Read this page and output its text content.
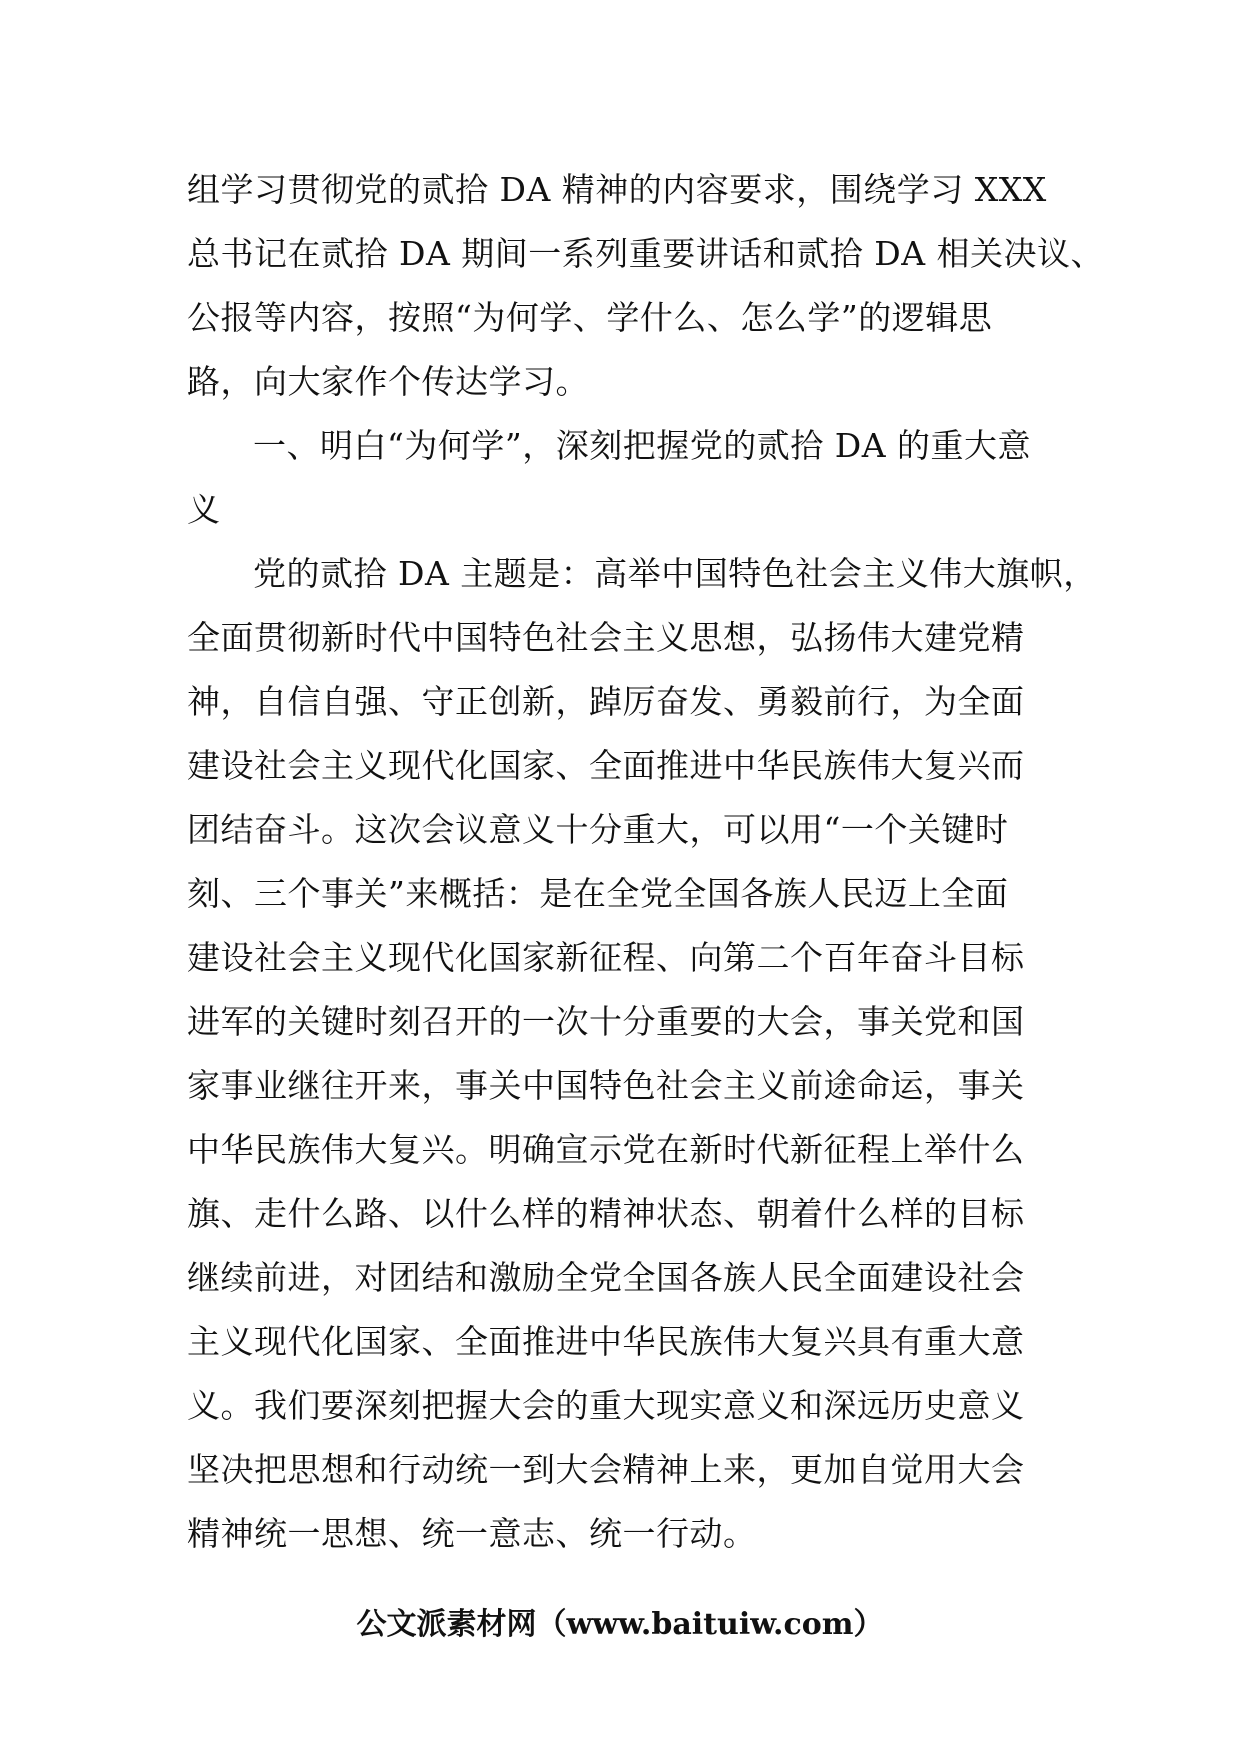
组学习贯彻党的贰拾 DA 精神的内容要求，围绕学习 XXX
总书记在贰拾 DA 期间一系列重要讲话和贰拾 DA 相关决议、
公报等内容，按照“为何学、学什么、怎么学”的逻辑思
路，向大家作个传达学习。
一、明白“为何学”，深刻把握党的贰拾 DA 的重大意
义
党的贰拾 DA 主题是：高举中国特色社会主义伟大旗帜，
全面贯彻新时代中国特色社会主义思想，弘扬伟大建党精
神，自信自强、守正创新，踔厉奋发、勇毅前行，为全面
建设社会主义现代化国家、全面推进中华民族伟大复兴而
团结奋斗。这次会议意义十分重大，可以用“一个关键时
刻、三个事关”来概括：是在全党全国各族人民迈上全面
建设社会主义现代化国家新征程、向第二个百年奋斗目标
进军的关键时刻召开的一次十分重要的大会，事关党和国
家事业继往开来，事关中国特色社会主义前途命运，事关
中华民族伟大复兴。明确宣示党在新时代新征程上举什么
旗、走什么路、以什么样的精神状态、朝着什么样的目标
继续前进，对团结和激励全党全国各族人民全面建设社会
主义现代化国家、全面推进中华民族伟大复兴具有重大意
义。我们要深刻把握大会的重大现实意义和深远历史意义
坚决把思想和行动统一到大会精神上来，更加自觉用大会
精神统一思想、统一意志、统一行动。
公文派素材网（www.baituiw.com）
